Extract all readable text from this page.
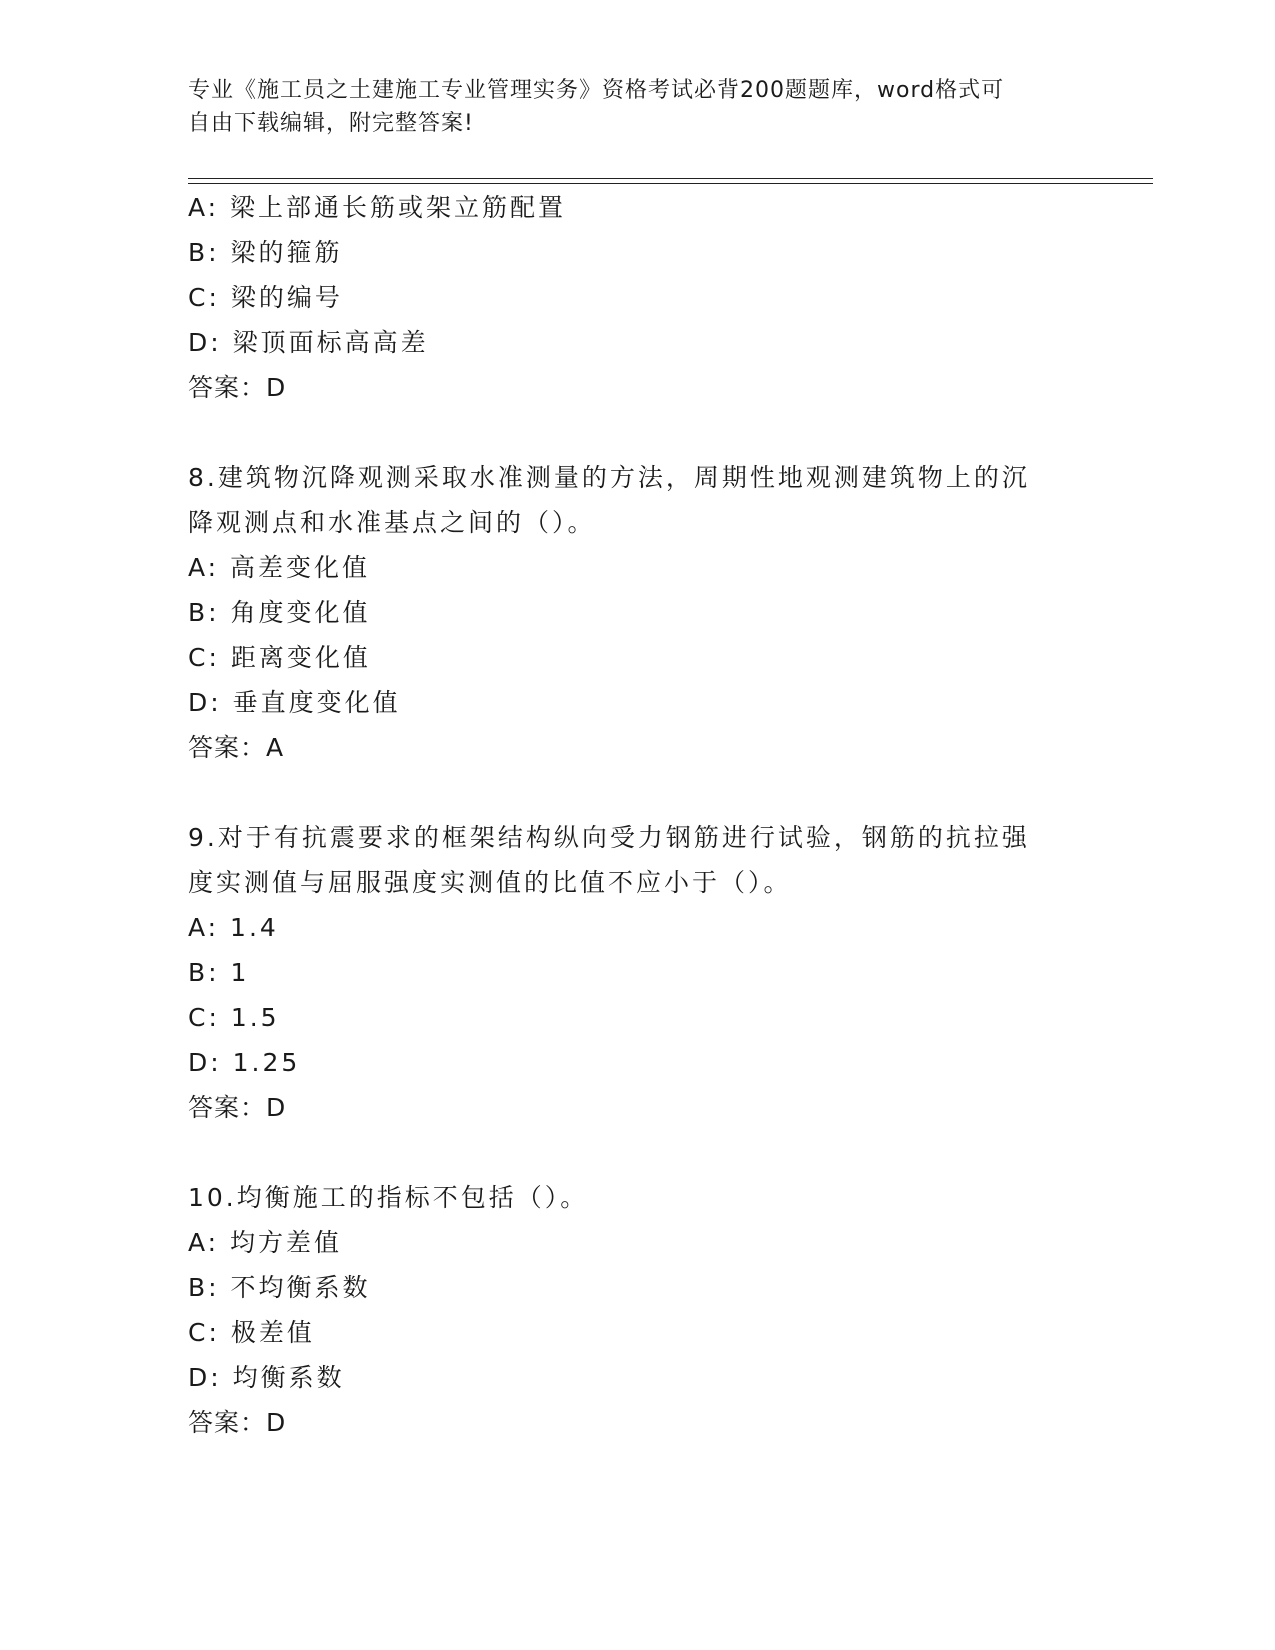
专业《施工员之土建施工专业管理实务》资格考试必背200题题库，word格式可
自由下载编辑，附完整答案!
A: 梁上部通长筋或架立筋配置
B: 梁的箍筋
C: 梁的编号
D: 梁顶面标高高差
答案：D
8.建筑物沉降观测采取水准测量的方法，周期性地观测建筑物上的沉
降观测点和水准基点之间的（）。
A: 高差变化值
B: 角度变化值
C: 距离变化值
D: 垂直度变化值
答案：A
9.对于有抗震要求的框架结构纵向受力钢筋进行试验，钢筋的抗拉强
度实测值与屈服强度实测值的比值不应小于（）。
A: 1.4
B: 1
C: 1.5
D: 1.25
答案：D
10.均衡施工的指标不包括（）。
A: 均方差值
B: 不均衡系数
C: 极差值
D: 均衡系数
答案：D
